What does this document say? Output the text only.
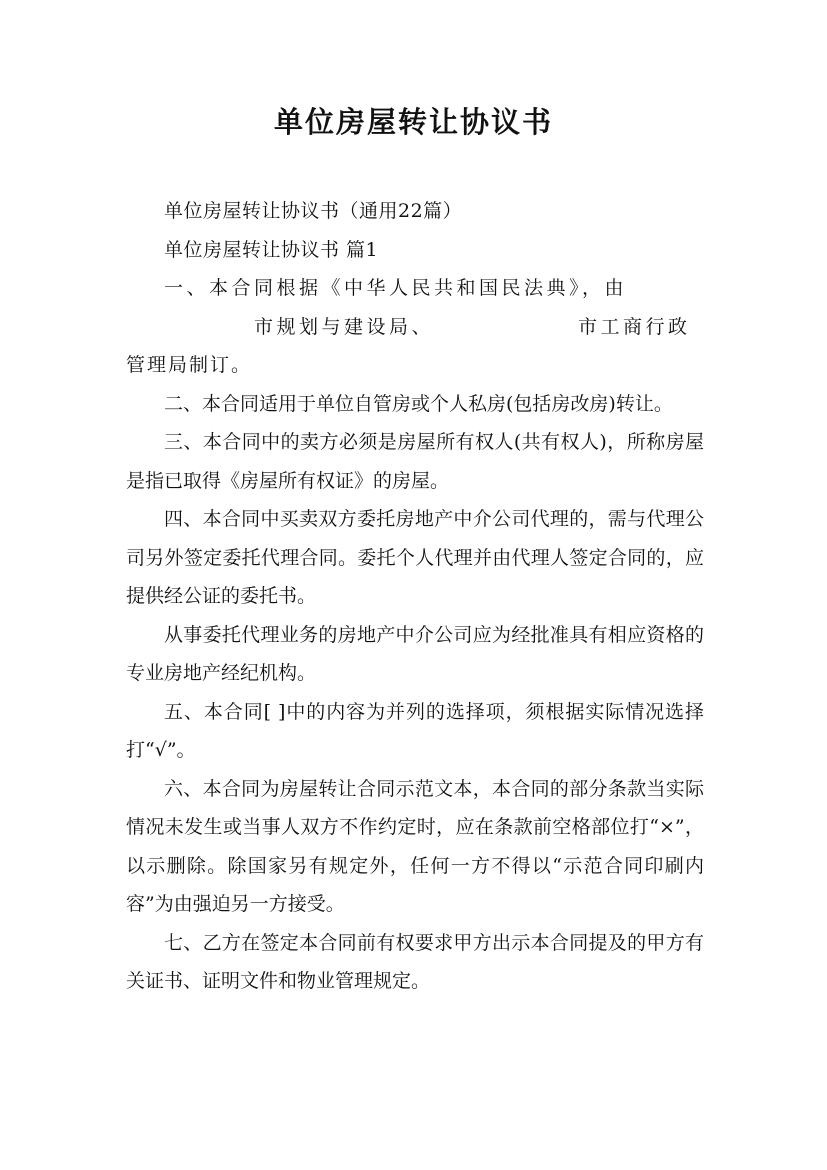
单位房屋转让协议书

单位房屋转让协议书（通用22篇）

单位房屋转让协议书 篇1

一、本合同根据《中华人民共和国民法典》，由

市规划与建设局、	市工商行政

管理局制订。

二、本合同适用于单位自管房或个人私房(包括房改房)转让。

三、本合同中的卖方必须是房屋所有权人(共有权人)，所称房屋是指已取得《房屋所有权证》的房屋。

四、本合同中买卖双方委托房地产中介公司代理的，需与代理公司另外签定委托代理合同。委托个人代理并由代理人签定合同的，应提供经公证的委托书。

从事委托代理业务的房地产中介公司应为经批准具有相应资格的专业房地产经纪机构。

五、本合同[ ]中的内容为并列的选择项，须根据实际情况选择打“√”。

六、本合同为房屋转让合同示范文本，本合同的部分条款当实际情况未发生或当事人双方不作约定时，应在条款前空格部位打“×”，以示删除。除国家另有规定外，任何一方不得以“示范合同印刷内容”为由强迫另一方接受。

七、乙方在签定本合同前有权要求甲方出示本合同提及的甲方有关证书、证明文件和物业管理规定。
